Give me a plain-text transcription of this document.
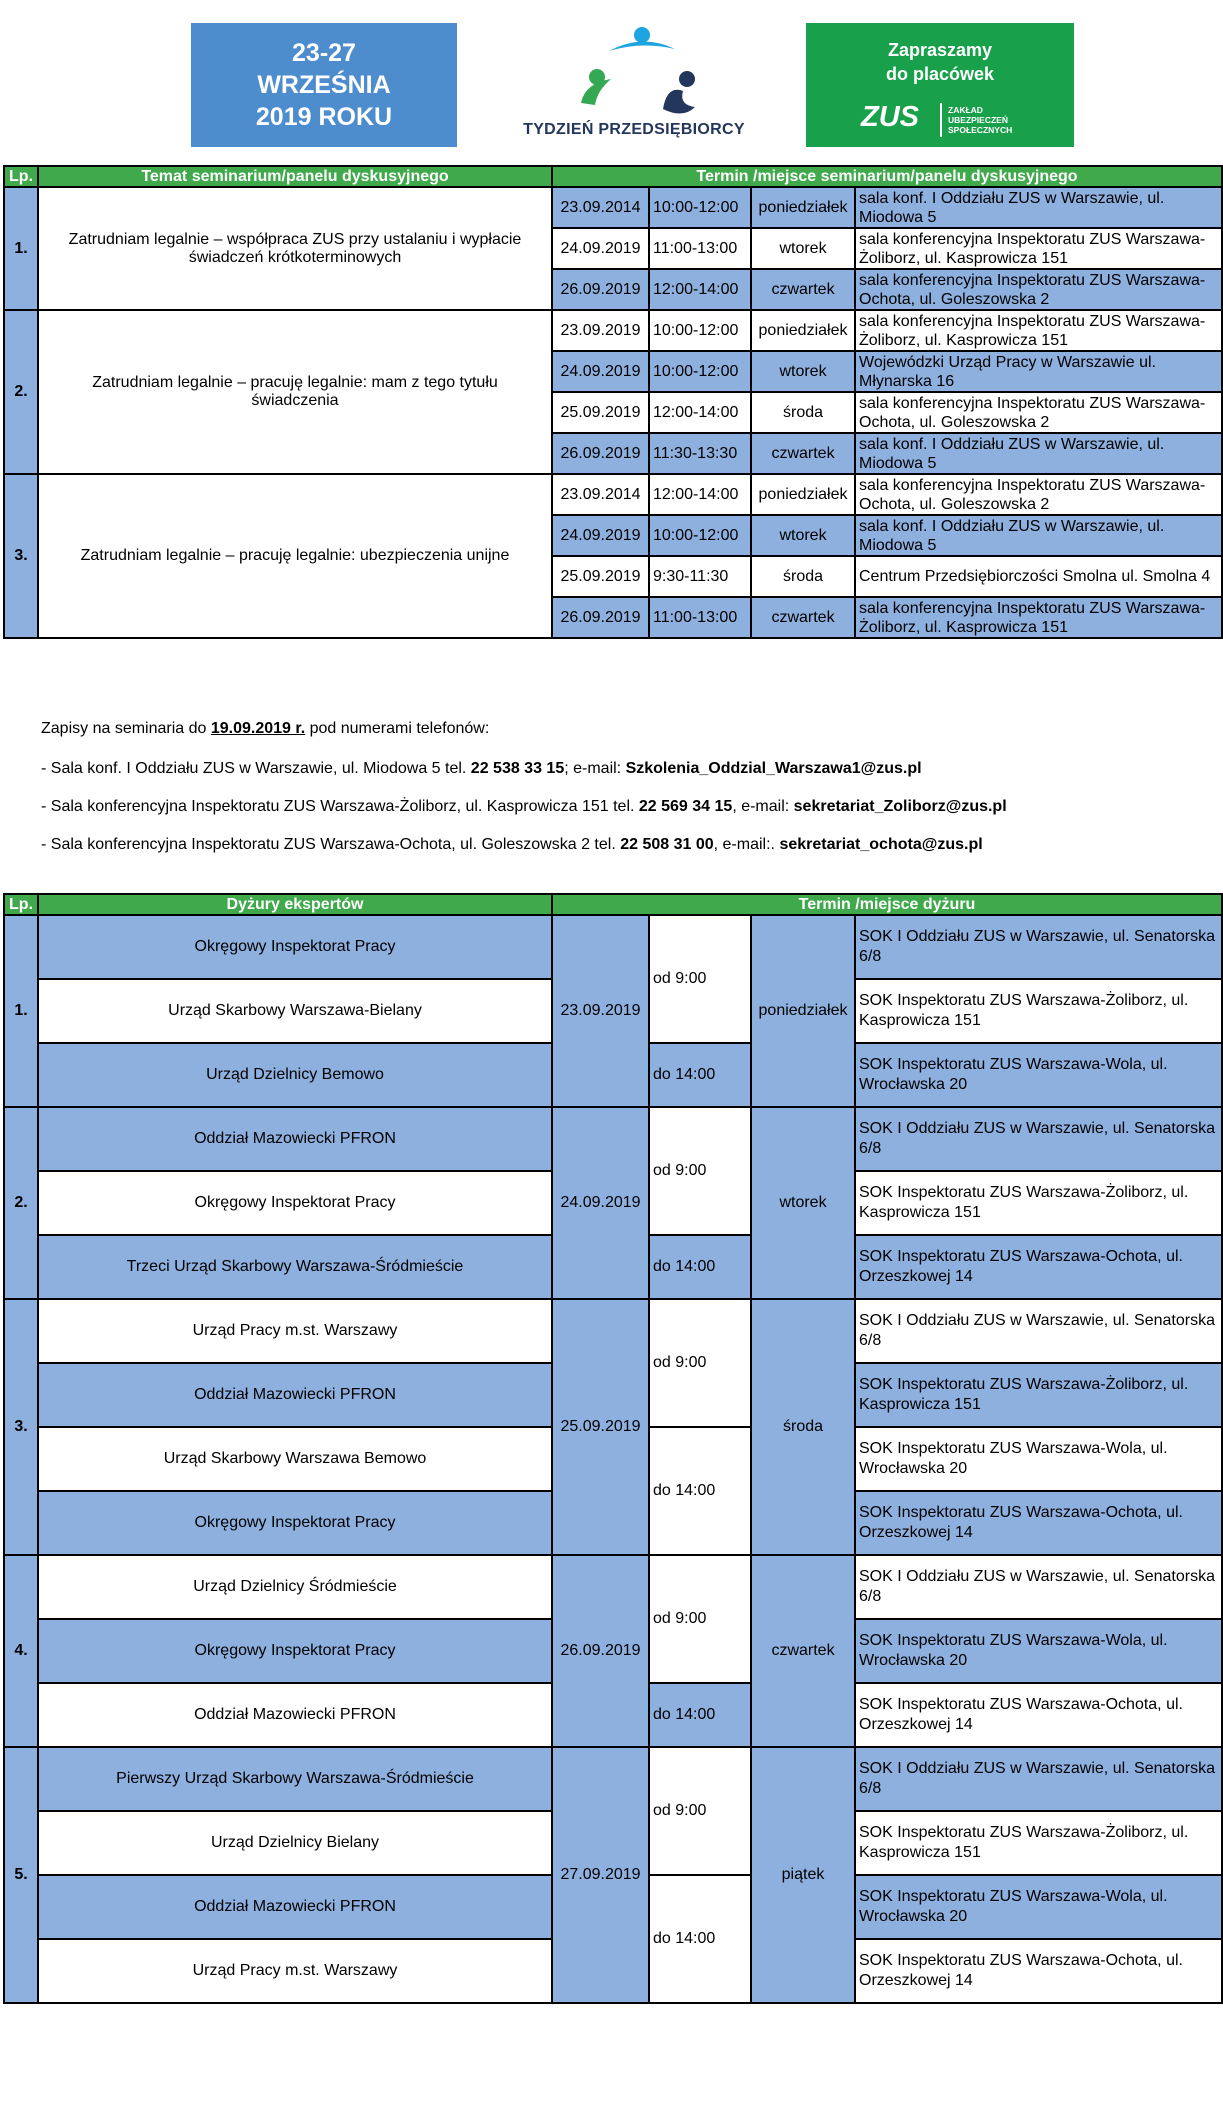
23-27
WRZEŚNIA
2019 ROKU	TYDZIEŃ PRZEDSIĘBIORCY
Zapraszamy
do placówek
ZUS	ZAKŁAD
UBEZPIECZEŃ
SPOŁECZNYCH
Lp.	Temat seminarium/panelu dyskusyjnego	Termin /miejsce seminarium/panelu dyskusyjnego			
1.	Zatrudniam legalnie – współpraca ZUS przy ustalaniu i wypłacie świadczeń krótkoterminowych	23.09.2014	10:00-12:00	poniedziałek	sala konf. I Oddziału ZUS w Warszawie, ul. Miodowa 5
		24.09.2019	11:00-13:00	wtorek	sala konferencyjna Inspektoratu ZUS Warszawa-Żoliborz, ul. Kasprowicza 151
		26.09.2019	12:00-14:00	czwartek	sala konferencyjna Inspektoratu ZUS Warszawa-Ochota, ul. Goleszowska 2
2.	Zatrudniam legalnie – pracuję legalnie: mam z tego tytułu świadczenia	23.09.2019	10:00-12:00	poniedziałek	sala konferencyjna Inspektoratu ZUS Warszawa-Żoliborz, ul. Kasprowicza 151
		24.09.2019	10:00-12:00	wtorek	Wojewódzki Urząd Pracy w Warszawie ul. Młynarska 16
		25.09.2019	12:00-14:00	środa	sala konferencyjna Inspektoratu ZUS Warszawa-Ochota, ul. Goleszowska 2
		26.09.2019	11:30-13:30	czwartek	sala konf. I Oddziału ZUS w Warszawie, ul. Miodowa 5
3.	Zatrudniam legalnie – pracuję legalnie: ubezpieczenia unijne	23.09.2014	12:00-14:00	poniedziałek	sala konferencyjna Inspektoratu ZUS Warszawa-Ochota, ul. Goleszowska 2
		24.09.2019	10:00-12:00	wtorek	sala konf. I Oddziału ZUS w Warszawie, ul. Miodowa 5
		25.09.2019	9:30-11:30	środa	Centrum Przedsiębiorczości Smolna ul. Smolna 4
		26.09.2019	11:00-13:00	czwartek	sala konferencyjna Inspektoratu ZUS Warszawa-Żoliborz, ul. Kasprowicza 151
Zapisy na seminaria do 19.09.2019 r. pod numerami telefonów:
- Sala konf. I Oddziału ZUS w Warszawie, ul. Miodowa 5 tel. 22 538 33 15; e-mail: Szkolenia_Oddzial_Warszawa1@zus.pl
- Sala konferencyjna Inspektoratu ZUS Warszawa-Żoliborz, ul. Kasprowicza 151 tel. 22 569 34 15, e-mail: sekretariat_Zoliborz@zus.pl
- Sala konferencyjna Inspektoratu ZUS Warszawa-Ochota, ul. Goleszowska 2 tel. 22 508 31 00, e-mail:. sekretariat_ochota@zus.pl
Lp.	Dyżury ekspertów	Termin /miejsce dyżuru			
1.	Okręgowy Inspektorat Pracy	23.09.2019	od 9:00	poniedziałek	SOK I Oddziału ZUS w Warszawie, ul. Senatorska 6/8
	Urząd Skarbowy Warszawa-Bielany				SOK Inspektoratu ZUS Warszawa-Żoliborz, ul. Kasprowicza 151
	Urząd Dzielnicy Bemowo		do 14:00		SOK Inspektoratu ZUS Warszawa-Wola, ul. Wrocławska 20
2.	Oddział Mazowiecki PFRON	24.09.2019	od 9:00	wtorek	SOK I Oddziału ZUS w Warszawie, ul. Senatorska 6/8
	Okręgowy Inspektorat Pracy				SOK Inspektoratu ZUS Warszawa-Żoliborz, ul. Kasprowicza 151
	Trzeci Urząd Skarbowy Warszawa-Śródmieście		do 14:00		SOK Inspektoratu ZUS Warszawa-Ochota, ul. Orzeszkowej 14
3.	Urząd Pracy m.st. Warszawy	25.09.2019	od 9:00	środa	SOK I Oddziału ZUS w Warszawie, ul. Senatorska 6/8
	Oddział Mazowiecki PFRON				SOK Inspektoratu ZUS Warszawa-Żoliborz, ul. Kasprowicza 151
	Urząd Skarbowy Warszawa Bemowo		do 14:00		SOK Inspektoratu ZUS Warszawa-Wola, ul. Wrocławska 20
	Okręgowy Inspektorat Pracy				SOK Inspektoratu ZUS Warszawa-Ochota, ul. Orzeszkowej 14
4.	Urząd Dzielnicy Śródmieście	26.09.2019	od 9:00	czwartek	SOK I Oddziału ZUS w Warszawie, ul. Senatorska 6/8
	Okręgowy Inspektorat Pracy				SOK Inspektoratu ZUS Warszawa-Wola, ul. Wrocławska 20
	Oddział Mazowiecki PFRON		do 14:00		SOK Inspektoratu ZUS Warszawa-Ochota, ul. Orzeszkowej 14
5.	Pierwszy Urząd Skarbowy Warszawa-Śródmieście	27.09.2019	od 9:00	piątek	SOK I Oddziału ZUS w Warszawie, ul. Senatorska 6/8
	Urząd Dzielnicy Bielany				SOK Inspektoratu ZUS Warszawa-Żoliborz, ul. Kasprowicza 151
	Oddział Mazowiecki PFRON		do 14:00		SOK Inspektoratu ZUS Warszawa-Wola, ul. Wrocławska 20
	Urząd Pracy m.st. Warszawy				SOK Inspektoratu ZUS Warszawa-Ochota, ul. Orzeszkowej 14
